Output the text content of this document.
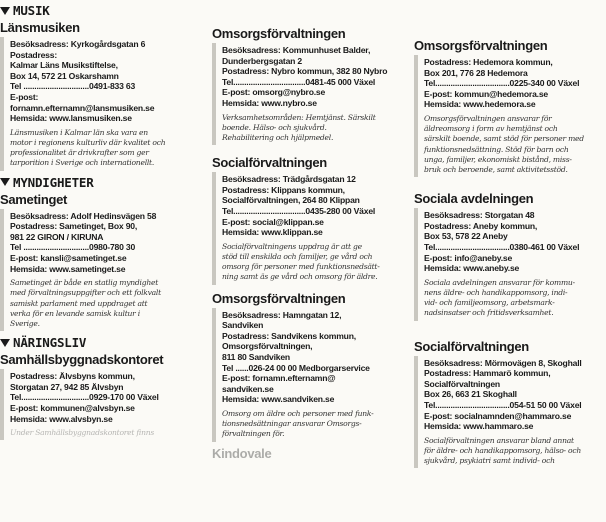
MUSIK
Länsmusiken
Besöksadress: Kyrkogårdsgatan 6
Postadress:
Kalmar Läns Musikstiftelse,
Box 14, 572 21 Oskarshamn
Tel ..............................0491-833 63
E-post:
fornamn.efternamn@lansmusiken.se
Hemsida: www.lansmusiken.se
Länsmusiken i Kalmar län ska vara en
motor i regionens kulturliv där kvalitet och
professionalitet är drivkrafter som ger
tarporition i Sverige och internationellt.
MYNDIGHETER
Sametinget
Besöksadress: Adolf Hedinsvägen 58
Postadress: Sametinget, Box 90,
981 22 GIRON / KIRUNA
Tel ..............................0980-780 30
E-post: kansli@sametinget.se
Hemsida: www.sametinget.se
Sametinget är både en statlig myndighet
med förvaltningsuppgifter och ett folkvalt
samiskt parlament med uppdraget att
verka för en levande samisk kultur i
Sverige.
NÄRINGSLIV
Samhällsbyggnadskontoret
Postadress: Älvsbyns kommun,
Storgatan 27, 942 85 Älvsbyn
Tel...............................0929-170 00 Växel
E-post: kommunen@alvsbyn.se
Hemsida: www.alvsbyn.se
Under Samhällsbyggnadskontoret finns
Omsorgsförvaltningen
Besöksadress: Kommunhuset Balder,
Dunderbergsgatan 2
Postadress: Nybro kommun, 382 80 Nybro
Tel.................................0481-45 000 Växel
E-post: omsorg@nybro.se
Hemsida: www.nybro.se
Verksamhetsområden: Hemtjänst. Särskilt
boende. Hälso- och sjukvård.
Rehabilitering och hjälpmedel.
Socialförvaltningen
Besöksadress: Trädgårdsgatan 12
Postadress: Klippans kommun,
Socialförvaltningen, 264 80 Klippan
Tel.................................0435-280 00 Växel
E-post: social@klippan.se
Hemsida: www.klippan.se
Socialförvaltningens uppdrag är att ge
stöd till enskilda och familjer, ge vård och
omsorg för personer med funktionsnedsätt-
ning samt äs ge vård och omsorg för äldre.
Omsorgsförvaltningen
Besöksadress: Hamngatan 12,
Sandviken
Postadress: Sandvikens kommun,
Omsorgsförvaltningen,
811 80 Sandviken
Tel ......026-24 00 00 Medborgarservice
E-post: fornamn.efternamn@
sandviken.se
Hemsida: www.sandviken.se
Omsorg om äldre och personer med funk-
tionsnedsättningar ansvarar Omsorgs-
förvaltningen för.
Kindovale
Omsorgsförvaltningen
Postadress: Hedemora kommun,
Box 201, 776 28 Hedemora
Tel..................................0225-340 00 Växel
E-post: kommun@hedemora.se
Hemsida: www.hedemora.se
Omsorgsförvaltningen ansvarar för
äldreomsorg i form av hemtjänst och
särskilt boende, samt stöd för personer med
funktionsnedsättning. Stöd för barn och
unga, familjer, ekonomiskt bistånd, miss-
bruk och beroende, samt aktivitetsstöd.
Sociala avdelningen
Besöksadress: Storgatan 48
Postadress: Aneby kommun,
Box 53, 578 22 Aneby
Tel..................................0380-461 00 Växel
E-post: info@aneby.se
Hemsida: www.aneby.se
Sociala avdelningen ansvarar för kommu-
nens äldre- och handikappomsorg, indi-
vid- och familjeomsorg, arbetsmark-
nadsinsatser och fritidsverksamhet.
Socialförvaltningen
Besöksadress: Mörmovägen 8, Skoghall
Postadress: Hammarö kommun,
Socialförvaltningen
Box 26, 663 21 Skoghall
Tel..................................054-51 50 00 Växel
E-post: socialnamnden@hammaro.se
Hemsida: www.hammaro.se
Socialförvaltningen ansvarar bland annat
för äldre- och handikappomsorg, hälso- och
sjukvård, psykiatri samt individ- och
